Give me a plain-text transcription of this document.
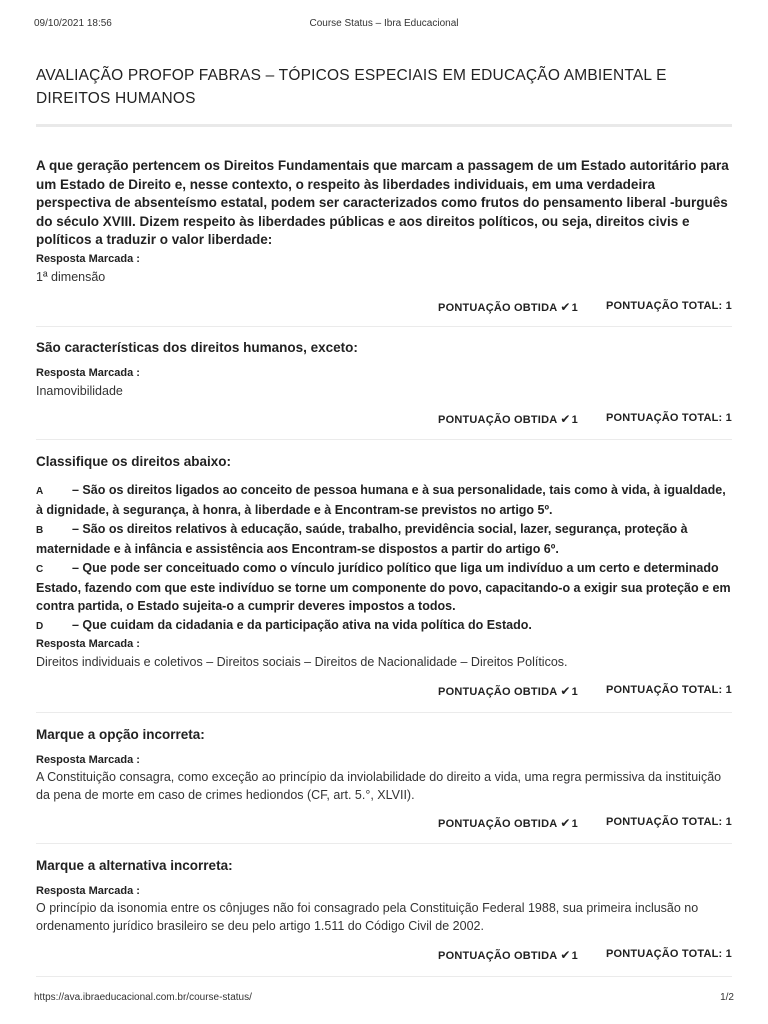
09/10/2021 18:56	Course Status – Ibra Educacional
AVALIAÇÃO PROFOP FABRAS – TÓPICOS ESPECIAIS EM EDUCAÇÃO AMBIENTAL E DIREITOS HUMANOS

A que geração pertencem os Direitos Fundamentais que marcam a passagem de um Estado autoritário para um Estado de Direito e, nesse contexto, o respeito às liberdades individuais, em uma verdadeira perspectiva de absenteísmo estatal, podem ser caracterizados como frutos do pensamento liberal -burguês do século XVIII. Dizem respeito às liberdades públicas e aos direitos políticos, ou seja, direitos civis e políticos a traduzir o valor liberdade:

Resposta Marcada :

1ª dimensão

PONTUAÇÃO OBTIDA ✔1	PONTUAÇÃO TOTAL: 1

São características dos direitos humanos, exceto:

Resposta Marcada :

Inamovibilidade

PONTUAÇÃO OBTIDA ✔1	PONTUAÇÃO TOTAL: 1

Classifique os direitos abaixo:

A – São os direitos ligados ao conceito de pessoa humana e à sua personalidade, tais como à vida, à igualdade, à dignidade, à segurança, à honra, à liberdade e à Encontram-se previstos no artigo 5º.

B – São os direitos relativos à educação, saúde, trabalho, previdência social, lazer, segurança, proteção à maternidade e à infância e assistência aos Encontram-se dispostos a partir do artigo 6º.

C – Que pode ser conceituado como o vínculo jurídico político que liga um indivíduo a um certo e determinado Estado, fazendo com que este indivíduo se torne um componente do povo, capacitando-o a exigir sua proteção e em contra partida, o Estado sujeita-o a cumprir deveres impostos a todos.

D – Que cuidam da cidadania e da participação ativa na vida política do Estado.

Resposta Marcada :

Direitos individuais e coletivos – Direitos sociais – Direitos de Nacionalidade – Direitos Políticos.

PONTUAÇÃO OBTIDA ✔1	PONTUAÇÃO TOTAL: 1

Marque a opção incorreta:

Resposta Marcada :

A Constituição consagra, como exceção ao princípio da inviolabilidade do direito a vida, uma regra permissiva da instituição da pena de morte em caso de crimes hediondos (CF, art. 5.°, XLVII).

PONTUAÇÃO OBTIDA ✔1	PONTUAÇÃO TOTAL: 1

Marque a alternativa incorreta:

Resposta Marcada :

O princípio da isonomia entre os cônjuges não foi consagrado pela Constituição Federal 1988, sua primeira inclusão no ordenamento jurídico brasileiro se deu pelo artigo 1.511 do Código Civil de 2002.

PONTUAÇÃO OBTIDA ✔1	PONTUAÇÃO TOTAL: 1
https://ava.ibraeducacional.com.br/course-status/	1/2
